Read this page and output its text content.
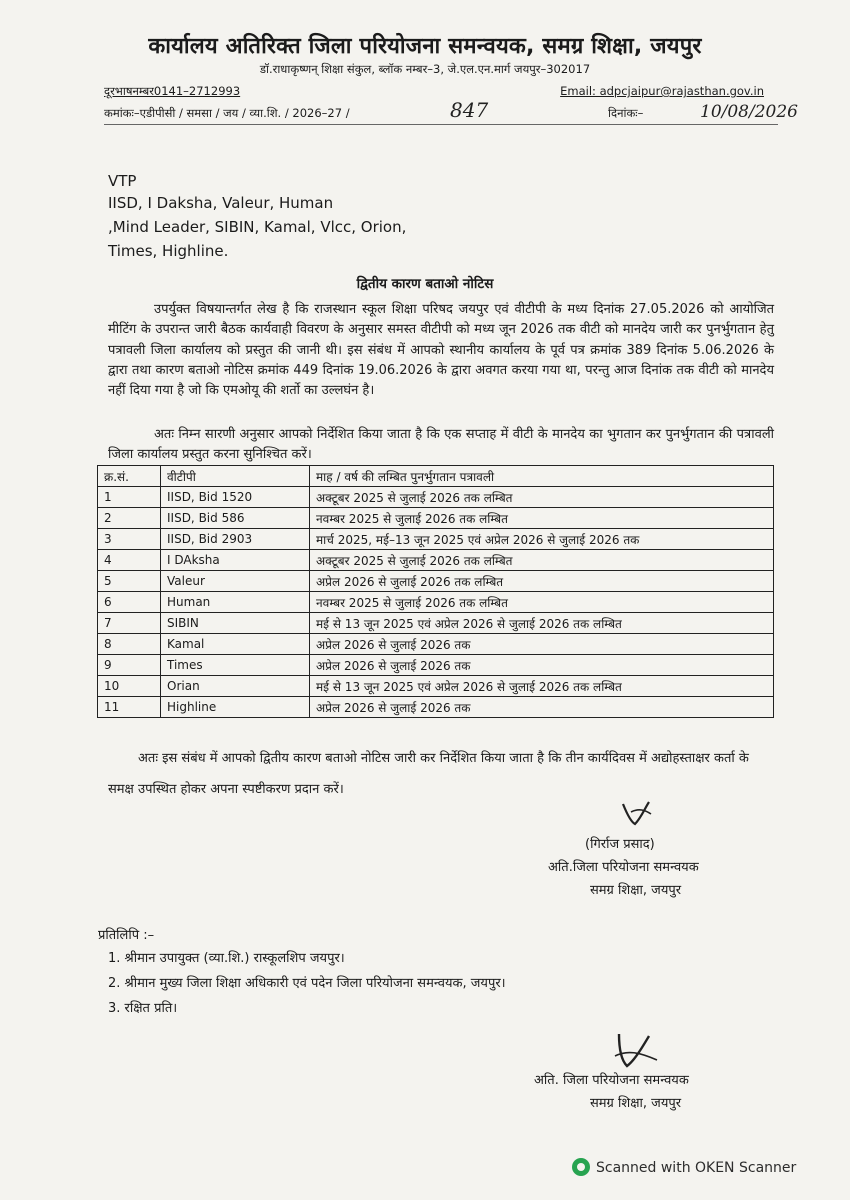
कार्यालय अतिरिक्त जिला परियोजना समन्वयक, समग्र शिक्षा, जयपुर
डॉ.राधाकृष्णन् शिक्षा संकुल, ब्लॉक नम्बर–3, जे.एल.एन.मार्ग जयपुर–302017
दूरभाषनम्बर0141–2712993	Email: adpcjaipur@rajasthan.gov.in
कमांकः–एडीपीसी / समसा / जय / व्या.शि. / 2026–27 /	847	दिनांकः–	10/08/2026
VTP
IISD, I Daksha, Valeur, Human
,Mind Leader, SIBIN, Kamal, Vlcc, Orion,
Times, Highline.
द्वितीय कारण बताओ नोटिस

उपर्युक्त विषयान्तर्गत लेख है कि राजस्थान स्कूल शिक्षा परिषद जयपुर एवं वीटीपी के मध्य दिनांक 27.05.2026 को आयोजित मीटिंग के उपरान्त जारी बैठक कार्यवाही विवरण के अनुसार समस्त वीटीपी को मध्य जून 2026 तक वीटी को मानदेय जारी कर पुनर्भुगतान हेतु पत्रावली जिला कार्यालय को प्रस्तुत की जानी थी। इस संबंध में आपको स्थानीय कार्यालय के पूर्व पत्र क्रमांक 389 दिनांक 5.06.2026 के द्वारा तथा कारण बताओ नोटिस क्रमांक 449 दिनांक 19.06.2026 के द्वारा अवगत करया गया था, परन्तु आज दिनांक तक वीटी को मानदेय नहीं दिया गया है जो कि एमओयू की शर्तो का उल्लघंन है।

अतः निम्न सारणी अनुसार आपको निर्देशित किया जाता है कि एक सप्ताह में वीटी के मानदेय का भुगतान कर पुनर्भुगतान की पत्रावली जिला कार्यालय प्रस्तुत करना सुनिश्चित करें।

क्र.सं.	वीटीपी	माह / वर्ष की लम्बित पुनर्भुगतान पत्रावली
1	IISD, Bid 1520	अक्टूबर 2025 से जुलाई 2026 तक लम्बित
2	IISD, Bid 586	नवम्बर 2025 से जुलाई 2026 तक लम्बित
3	IISD, Bid 2903	मार्च 2025, मई–13 जून 2025 एवं अप्रेल 2026 से जुलाई 2026 तक
4	I DAksha	अक्टूबर 2025 से जुलाई 2026 तक लम्बित
5	Valeur	अप्रेल 2026 से जुलाई 2026 तक लम्बित
6	Human	नवम्बर 2025 से जुलाई 2026 तक लम्बित
7	SIBIN	मई से 13 जून 2025 एवं अप्रेल 2026 से जुलाई 2026 तक लम्बित
8	Kamal	अप्रेल 2026 से जुलाई 2026 तक
9	Times	अप्रेल 2026 से जुलाई 2026 तक
10	Orian	मई से 13 जून 2025 एवं अप्रेल 2026 से जुलाई 2026 तक लम्बित
11	Highline	अप्रेल 2026 से जुलाई 2026 तक
अतः इस संबंध में आपको द्वितीय कारण बताओ नोटिस जारी कर निर्देशित किया जाता है कि तीन कार्यदिवस में अद्योहस्ताक्षर कर्ता के समक्ष उपस्थित होकर अपना स्पष्टीकरण प्रदान करें।
(गिर्राज प्रसाद)
अति.जिला परियोजना समन्वयक
समग्र शिक्षा, जयपुर
प्रतिलिपि :–
1. श्रीमान उपायुक्त (व्या.शि.) रास्कूलशिप जयपुर।
2. श्रीमान मुख्य जिला शिक्षा अधिकारी एवं पदेन जिला परियोजना समन्वयक, जयपुर।
3. रक्षित प्रति।
अति. जिला परियोजना समन्वयक
समग्र शिक्षा, जयपुर
Scanned with OKEN Scanner
